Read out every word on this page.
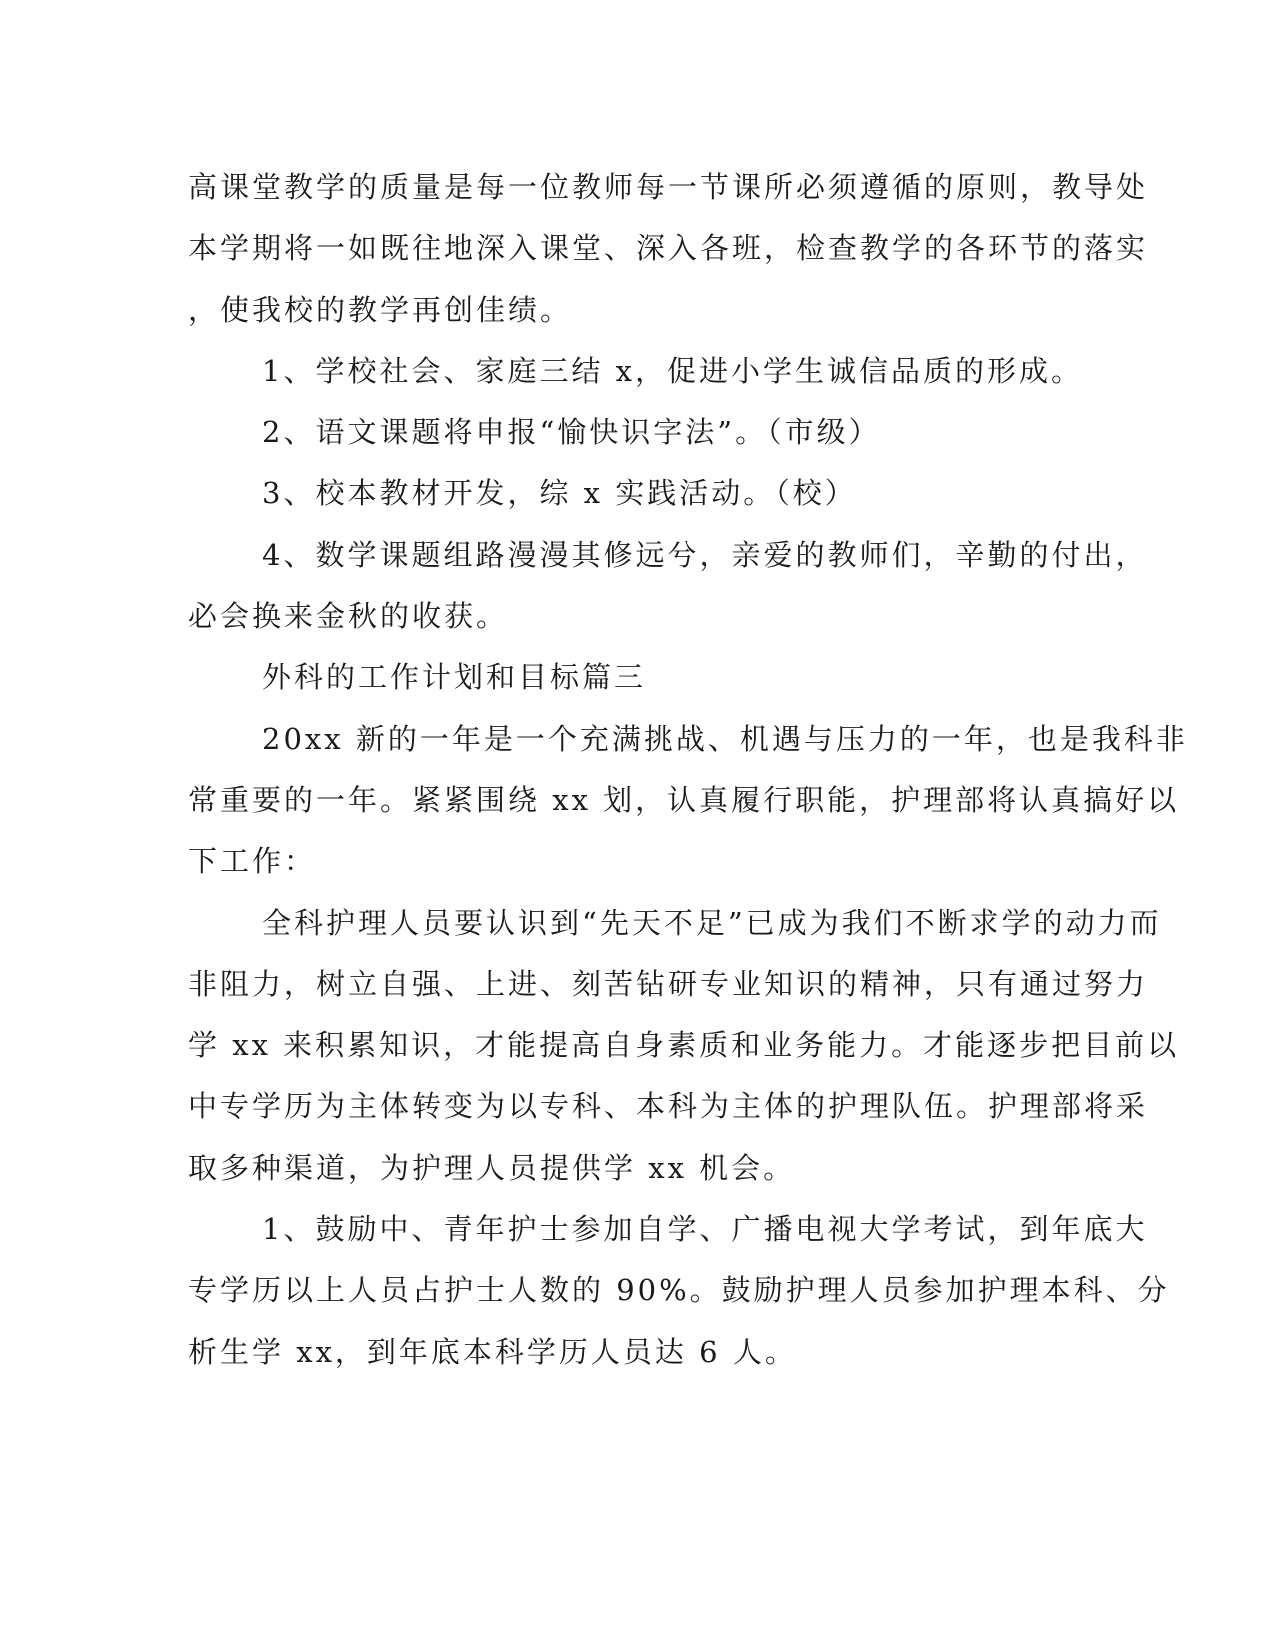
高课堂教学的质量是每一位教师每一节课所必须遵循的原则，教导处
本学期将一如既往地深入课堂、深入各班，检查教学的各环节的落实
，使我校的教学再创佳绩。
1、学校社会、家庭三结 x，促进小学生诚信品质的形成。
2、语文课题将申报“愉快识字法”。（市级）
3、校本教材开发，综 x 实践活动。（校）
4、数学课题组路漫漫其修远兮，亲爱的教师们，辛勤的付出，
必会换来金秋的收获。
外科的工作计划和目标篇三
20xx 新的一年是一个充满挑战、机遇与压力的一年，也是我科非
常重要的一年。紧紧围绕 xx 划，认真履行职能，护理部将认真搞好以
下工作：
全科护理人员要认识到“先天不足”已成为我们不断求学的动力而
非阻力，树立自强、上进、刻苦钻研专业知识的精神，只有通过努力
学 xx 来积累知识，才能提高自身素质和业务能力。才能逐步把目前以
中专学历为主体转变为以专科、本科为主体的护理队伍。护理部将采
取多种渠道，为护理人员提供学 xx 机会。
1、鼓励中、青年护士参加自学、广播电视大学考试，到年底大
专学历以上人员占护士人数的 90%。鼓励护理人员参加护理本科、分
析生学 xx，到年底本科学历人员达 6 人。
